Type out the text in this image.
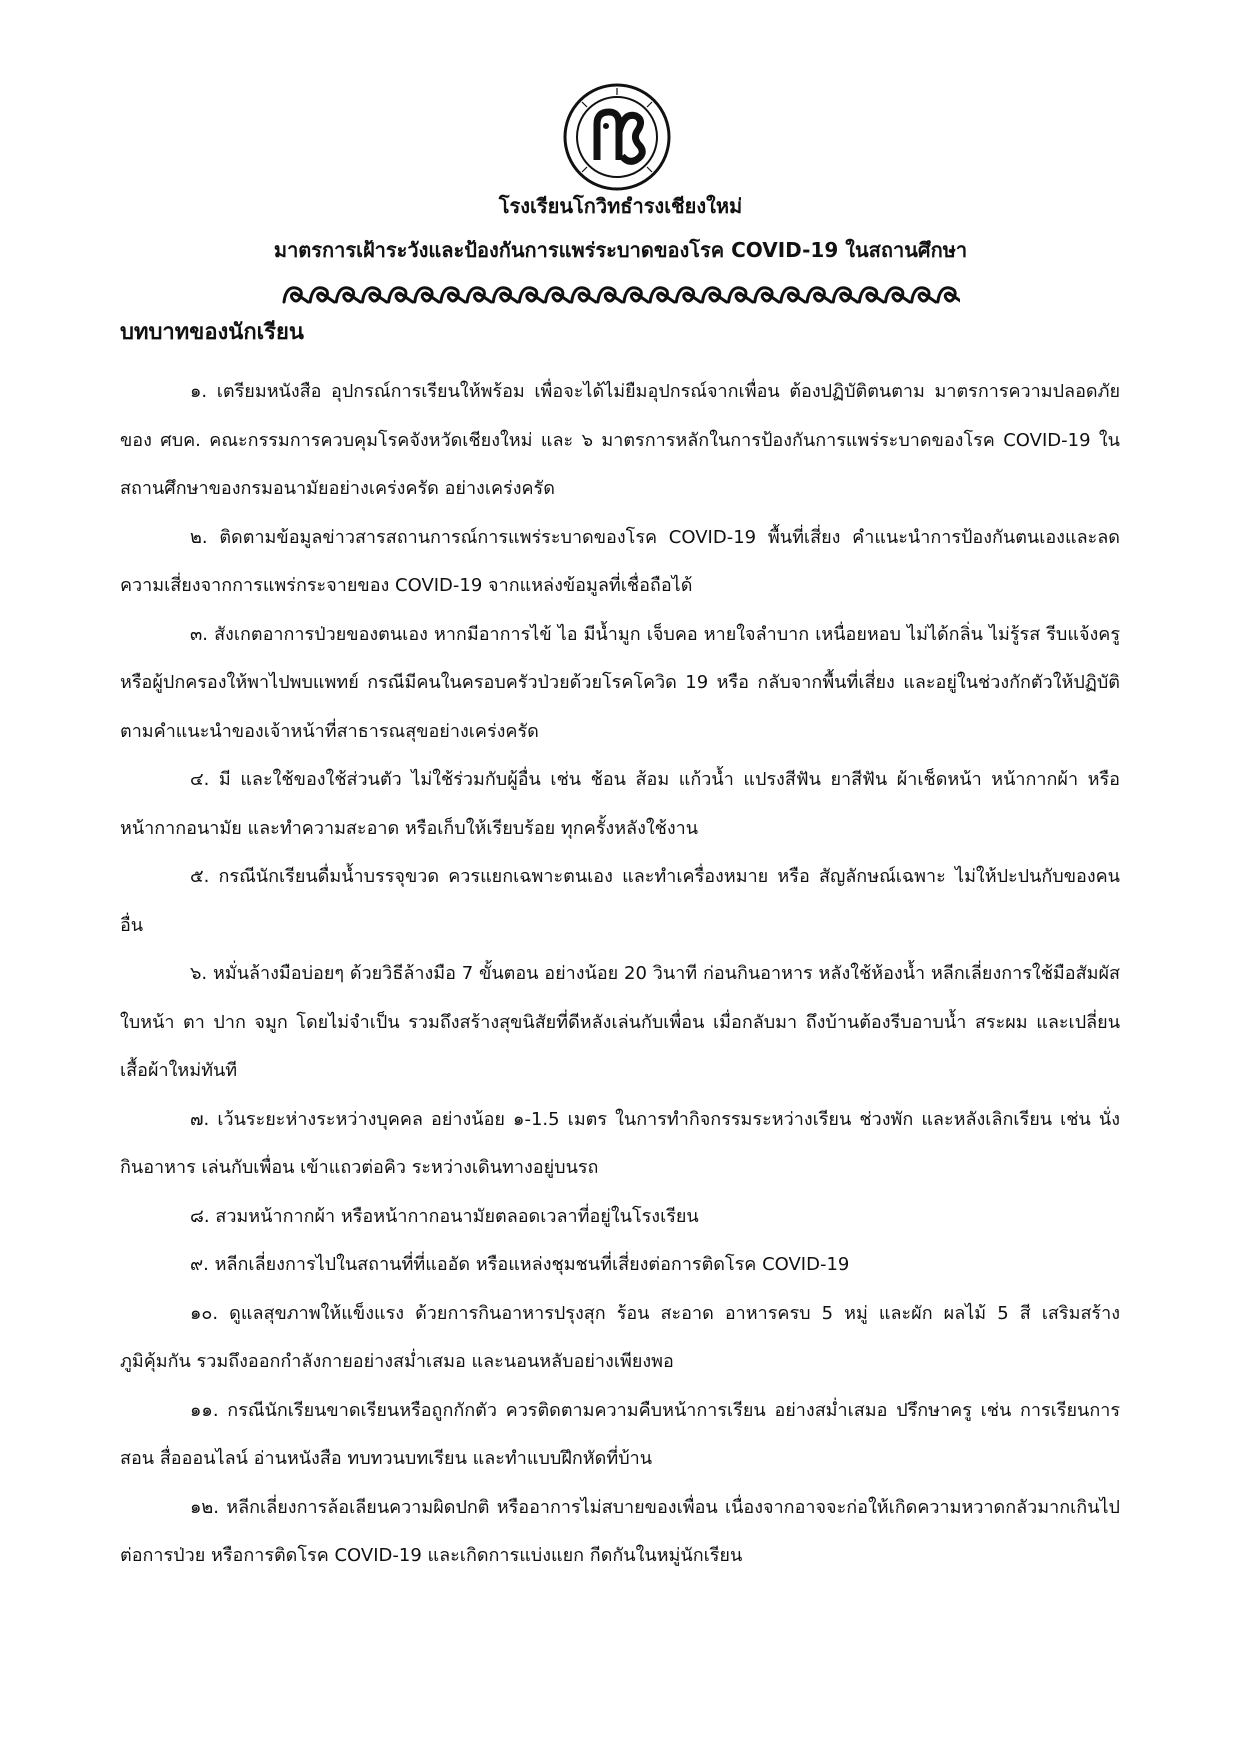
โรงเรียนโกวิทธำรงเชียงใหม่
มาตรการเฝ้าระวังและป้องกันการแพร่ระบาดของโรค COVID-19 ในสถานศึกษา
บทบาทของนักเรียน

๑. เตรียมหนังสือ อุปกรณ์การเรียนให้พร้อม เพื่อจะได้ไม่ยืมอุปกรณ์จากเพื่อน ต้องปฏิบัติตนตาม มาตรการความปลอดภัยของ ศบค. คณะกรรมการควบคุมโรคจังหวัดเชียงใหม่ และ ๖ มาตรการหลักในการป้องกันการแพร่ระบาดของโรค COVID-19 ในสถานศึกษาของกรมอนามัยอย่างเคร่งครัด อย่างเคร่งครัด

๒. ติดตามข้อมูลข่าวสารสถานการณ์การแพร่ระบาดของโรค COVID-19 พื้นที่เสี่ยง คำแนะนำการป้องกันตนเองและลดความเสี่ยงจากการแพร่กระจายของ COVID-19 จากแหล่งข้อมูลที่เชื่อถือได้

๓. สังเกตอาการป่วยของตนเอง หากมีอาการไข้ ไอ มีน้ำมูก เจ็บคอ หายใจลำบาก เหนื่อยหอบ ไม่ได้กลิ่น ไม่รู้รส รีบแจ้งครู หรือผู้ปกครองให้พาไปพบแพทย์ กรณีมีคนในครอบครัวป่วยด้วยโรคโควิด 19 หรือ กลับจากพื้นที่เสี่ยง และอยู่ในช่วงกักตัวให้ปฏิบัติตามคำแนะนำของเจ้าหน้าที่สาธารณสุขอย่างเคร่งครัด

๔. มี และใช้ของใช้ส่วนตัว ไม่ใช้ร่วมกับผู้อื่น เช่น ช้อน ส้อม แก้วน้ำ แปรงสีฟัน ยาสีฟัน ผ้าเช็ดหน้า หน้ากากผ้า หรือ หน้ากากอนามัย และทำความสะอาด หรือเก็บให้เรียบร้อย ทุกครั้งหลังใช้งาน

๕. กรณีนักเรียนดื่มน้ำบรรจุขวด ควรแยกเฉพาะตนเอง และทำเครื่องหมาย หรือ สัญลักษณ์เฉพาะ ไม่ให้ปะปนกับของคนอื่น

๖. หมั่นล้างมือบ่อยๆ ด้วยวิธีล้างมือ 7 ขั้นตอน อย่างน้อย 20 วินาที ก่อนกินอาหาร หลังใช้ห้องน้ำ หลีกเลี่ยงการใช้มือสัมผัสใบหน้า ตา ปาก จมูก โดยไม่จำเป็น รวมถึงสร้างสุขนิสัยที่ดีหลังเล่นกับเพื่อน เมื่อกลับมา ถึงบ้านต้องรีบอาบน้ำ สระผม และเปลี่ยนเสื้อผ้าใหม่ทันที

๗. เว้นระยะห่างระหว่างบุคคล อย่างน้อย ๑-1.5 เมตร ในการทำกิจกรรมระหว่างเรียน ช่วงพัก และหลังเลิกเรียน เช่น นั่งกินอาหาร เล่นกับเพื่อน เข้าแถวต่อคิว ระหว่างเดินทางอยู่บนรถ

๘. สวมหน้ากากผ้า หรือหน้ากากอนามัยตลอดเวลาที่อยู่ในโรงเรียน

๙. หลีกเลี่ยงการไปในสถานที่ที่แออัด หรือแหล่งชุมชนที่เสี่ยงต่อการติดโรค COVID-19

๑๐. ดูแลสุขภาพให้แข็งแรง ด้วยการกินอาหารปรุงสุก ร้อน สะอาด อาหารครบ 5 หมู่ และผัก ผลไม้ 5 สี เสริมสร้างภูมิคุ้มกัน รวมถึงออกกำลังกายอย่างสม่ำเสมอ และนอนหลับอย่างเพียงพอ

๑๑. กรณีนักเรียนขาดเรียนหรือถูกกักตัว ควรติดตามความคืบหน้าการเรียน อย่างสม่ำเสมอ ปรึกษาครู เช่น การเรียนการสอน สื่อออนไลน์ อ่านหนังสือ ทบทวนบทเรียน และทำแบบฝึกหัดที่บ้าน

๑๒. หลีกเลี่ยงการล้อเลียนความผิดปกติ หรืออาการไม่สบายของเพื่อน เนื่องจากอาจจะก่อให้เกิดความหวาดกลัวมากเกินไปต่อการป่วย หรือการติดโรค COVID-19 และเกิดการแบ่งแยก กีดกันในหมู่นักเรียน
